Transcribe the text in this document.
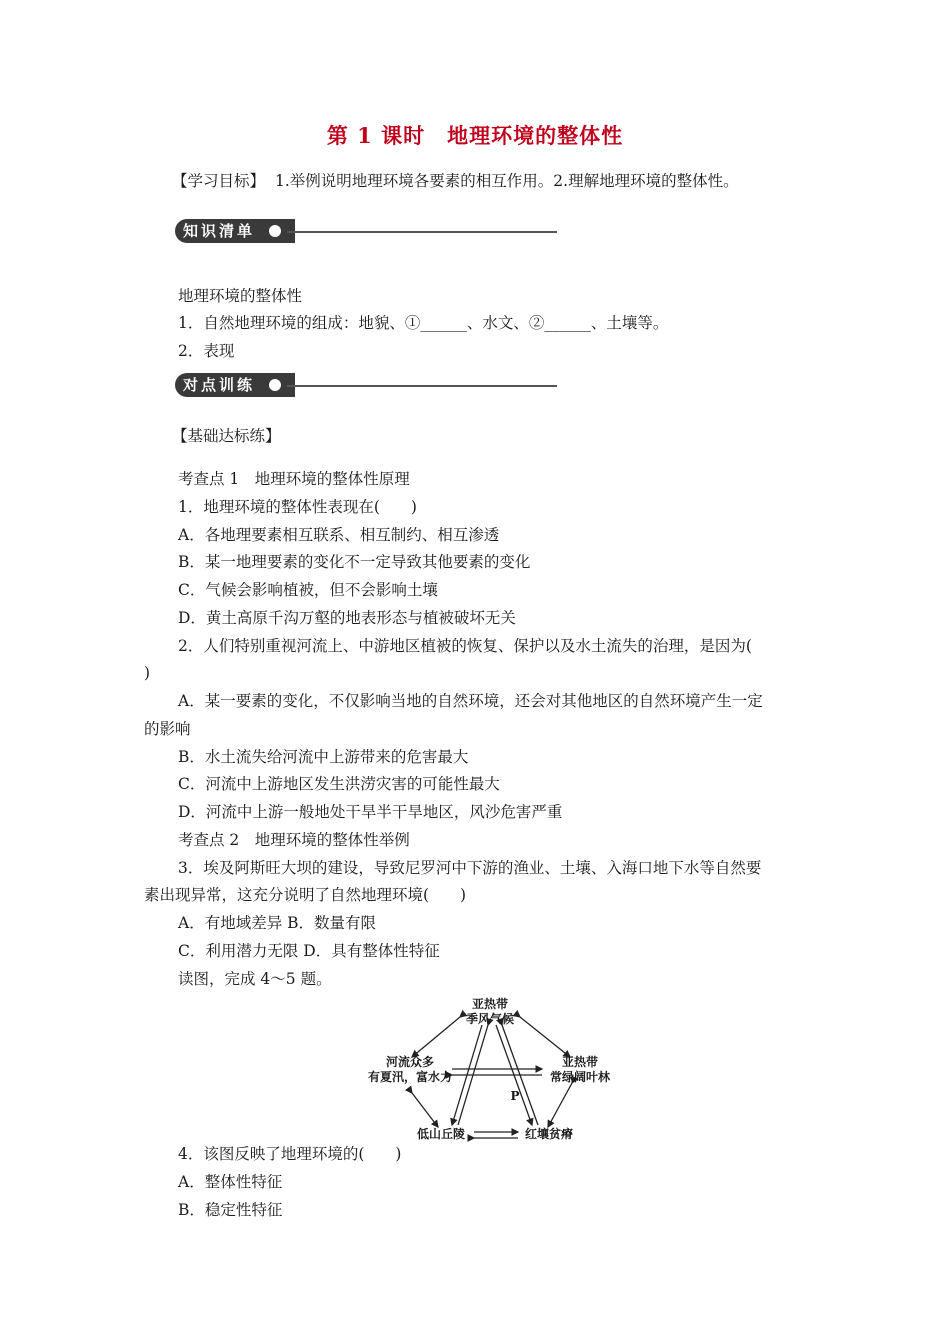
第 1 课时　地理环境的整体性
【学习目标】 1.举例说明地理环境各要素的相互作用。2.理解地理环境的整体性。
知识清单
地理环境的整体性
1．自然地理环境的组成：地貌、①______、水文、②______、土壤等。
2．表现
对点训练
【基础达标练】
考查点 1　地理环境的整体性原理
1．地理环境的整体性表现在(　　)
A．各地理要素相互联系、相互制约、相互渗透
B．某一地理要素的变化不一定导致其他要素的变化
C．气候会影响植被，但不会影响土壤
D．黄土高原千沟万壑的地表形态与植被破坏无关
2．人们特别重视河流上、中游地区植被的恢复、保护以及水土流失的治理，是因为(
)
A．某一要素的变化，不仅影响当地的自然环境，还会对其他地区的自然环境产生一定
的影响
B．水土流失给河流中上游带来的危害最大
C．河流中上游地区发生洪涝灾害的可能性最大
D．河流中上游一般地处干旱半干旱地区，风沙危害严重
考查点 2　地理环境的整体性举例
3．埃及阿斯旺大坝的建设，导致尼罗河中下游的渔业、土壤、入海口地下水等自然要
素出现异常，这充分说明了自然地理环境(　　)
A．有地域差异 B．数量有限
C．利用潜力无限 D．具有整体性特征
读图，完成 4～5 题。
亚热带
季风气候
河流众多
有夏汛，富水力
亚热带
常绿阔叶林
低山丘陵	红壤贫瘠
P
4．该图反映了地理环境的(　　)
A．整体性特征
B．稳定性特征
